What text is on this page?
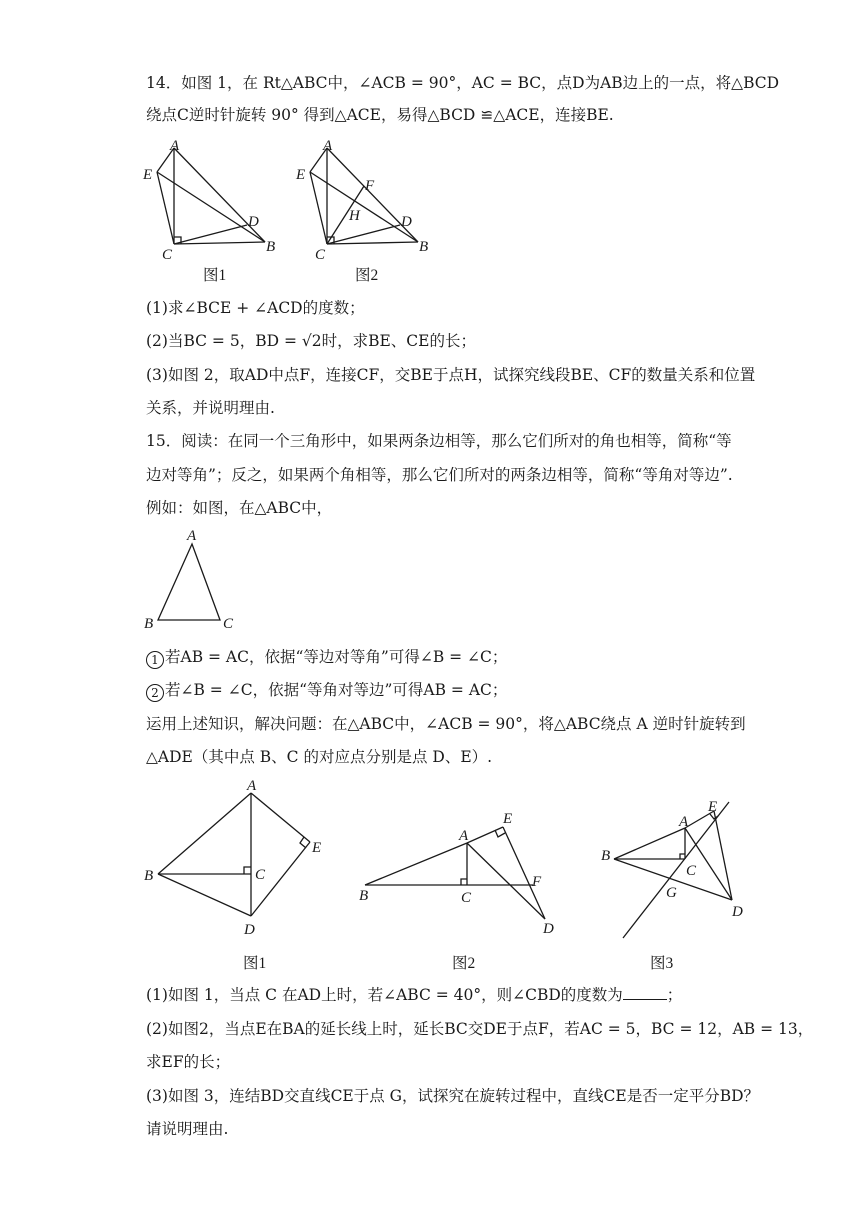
14．如图 1，在 Rt△ABC中，∠ACB = 90°，AC = BC，点D为AB边上的一点，将△BCD
绕点C逆时针旋转 90° 得到△ACE，易得△BCD ≌△ACE，连接BE.
A
E
D
C	B
图1
A
E
F
H	D
C	B
图2
(1)求∠BCE + ∠ACD的度数；
(2)当BC = 5，BD = √2时，求BE、CE的长；
(3)如图 2，取AD中点F，连接CF，交BE于点H，试探究线段BE、CF的数量关系和位置
关系，并说明理由.
15．阅读：在同一个三角形中，如果两条边相等，那么它们所对的角也相等，简称“等
边对等角”；反之，如果两个角相等，那么它们所对的两条边相等，简称“等角对等边”.
例如：如图，在△ABC中，
A
B	C
1 若AB = AC，依据“等边对等角”可得∠B = ∠C；
2 若∠B = ∠C，依据“等角对等边”可得AB = AC；
运用上述知识，解决问题：在△ABC中，∠ACB = 90°，将△ABC绕点 A 逆时针旋转到
△ADE（其中点 B、C 的对应点分别是点 D、E）.
A
B	C
E
D
A
E
F
B	C
D
A
E
B
C
G
D
图1	图2	图3
(1)如图 1，当点 C 在AD上时，若∠ABC = 40°，则∠CBD的度数为	；
(2)如图2，当点E在BA的延长线上时，延长BC交DE于点F，若AC = 5，BC = 12，AB = 13，
求EF的长；
(3)如图 3，连结BD交直线CE于点 G，试探究在旋转过程中，直线CE是否一定平分BD？
请说明理由.
